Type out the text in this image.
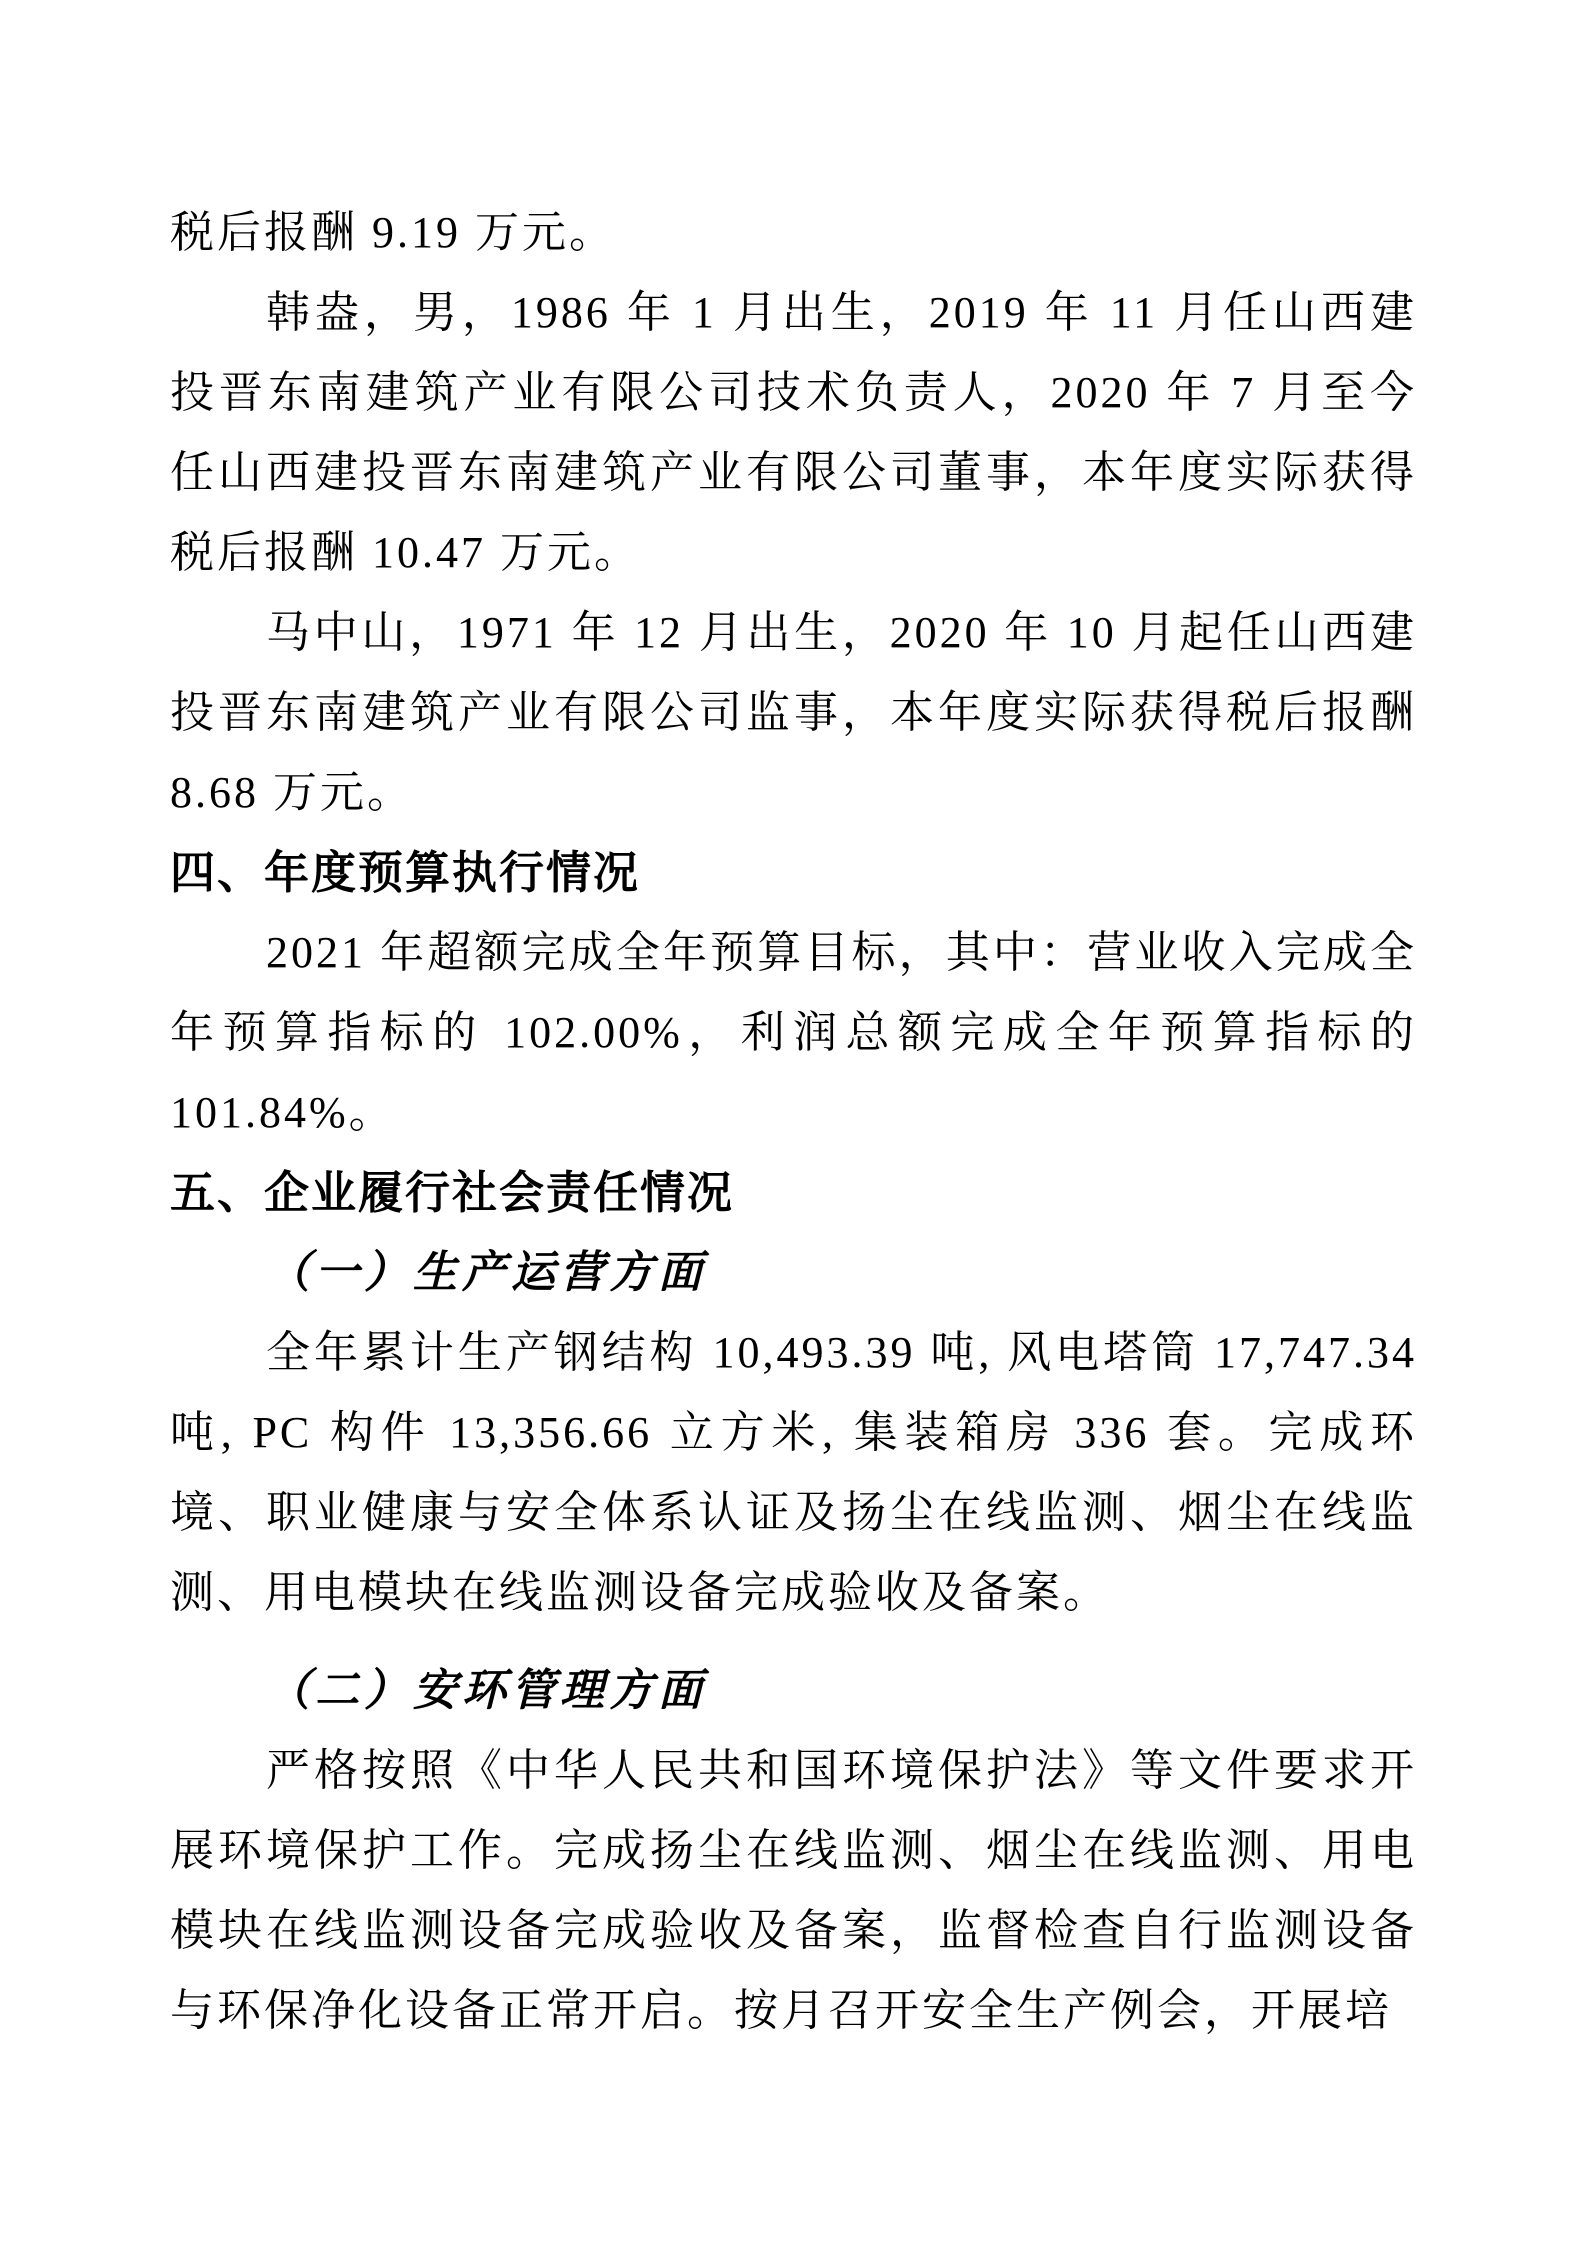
税后报酬 9.19 万元。

韩盎，男，1986 年 1 月出生，2019 年 11 月任山西建投晋东南建筑产业有限公司技术负责人，2020 年 7 月至今任山西建投晋东南建筑产业有限公司董事，本年度实际获得税后报酬 10.47 万元。

马中山，1971 年 12 月出生，2020 年 10 月起任山西建投晋东南建筑产业有限公司监事，本年度实际获得税后报酬 8.68 万元。

四、年度预算执行情况

2021 年超额完成全年预算目标，其中：营业收入完成全年预算指标的 102.00%，利润总额完成全年预算指标的 101.84%。

五、企业履行社会责任情况
（一）生产运营方面

全年累计生产钢结构 10,493.39 吨, 风电塔筒 17,747.34 吨, PC 构件 13,356.66 立方米, 集装箱房 336 套。完成环境、职业健康与安全体系认证及扬尘在线监测、烟尘在线监测、用电模块在线监测设备完成验收及备案。

（二）安环管理方面

严格按照《中华人民共和国环境保护法》等文件要求开展环境保护工作。完成扬尘在线监测、烟尘在线监测、用电模块在线监测设备完成验收及备案，监督检查自行监测设备与环保净化设备正常开启。按月召开安全生产例会，开展培
